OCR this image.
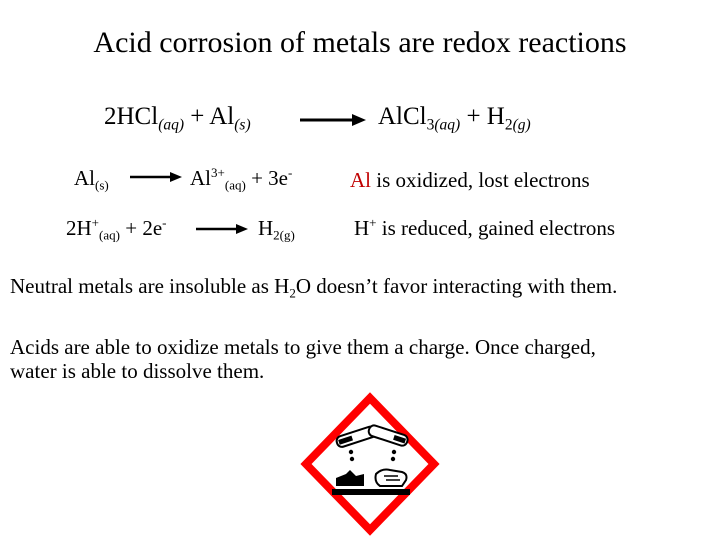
Acid corrosion of metals are redox reactions
$2HCl_{(aq)} + Al_{(s)}$	AlCl$_{3(aq)}$ + $H_{2(g)}$
$Al_{(s)}$	$Al^{3+}_{(aq)} + 3e^-$	Al is oxidized, lost electrons
$2H^+_{(aq)} + 2e^-$	$H_{2(g)}$	H+ is reduced, gained electrons
Neutral metals are insoluble as $H_2O$ doesn’t favor interacting with them.
Acids are able to oxidize metals to give them a charge. Once charged,
water is able to dissolve them.
